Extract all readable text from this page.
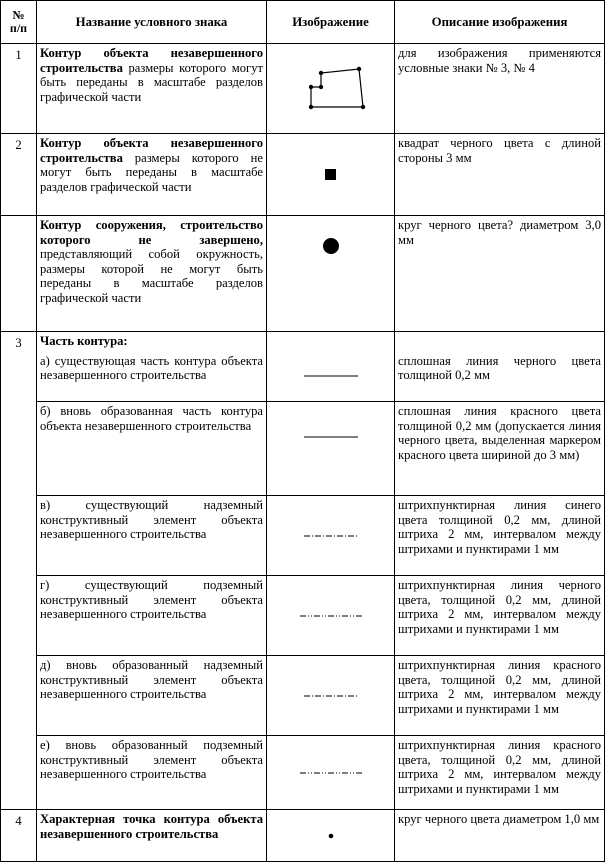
№
п/п	Название условного знака	Изображение	Описание изображения
1	Контур объекта незавершенного строительства размеры которого могут быть переданы в масштабе разделов графической части		для изображения применяются условные знаки № 3, № 4
2	Контур объекта незавершенного строительства размеры которого не могут быть переданы в масштабе разделов графической части		квадрат черного цвета с длиной стороны 3 мм
	Контур сооружения, строительство которого не завершено, представляющий собой окружность, размеры которой не могут быть переданы в масштабе разделов графической части		круг черного цвета? диаметром 3,0 мм
3	Часть контура:		
	а) существующая часть контура объекта незавершенного строительства		сплошная линия черного цвета толщиной 0,2 мм
	б) вновь образованная часть контура объекта незавершенного строительства		сплошная линия красного цвета толщиной 0,2 мм (допускается линия черного цвета, выделенная маркером красного цвета шириной до 3 мм)
	в) существующий надземный конструктивный элемент объекта незавершенного строительства		штрихпунктирная линия синего цвета толщиной 0,2 мм, длиной штриха 2 мм, интервалом между штрихами и пунктирами 1 мм
	г) существующий подземный конструктивный элемент объекта незавершенного строительства		штрихпунктирная линия черного цвета, толщиной 0,2 мм, длиной штриха 2 мм, интервалом между штрихами и пунктирами 1 мм
	д) вновь образованный надземный конструктивный элемент объекта незавершенного строительства		штрихпунктирная линия красного цвета, толщиной 0,2 мм, длиной штриха 2 мм, интервалом между штрихами и пунктирами 1 мм
	е) вновь образованный подземный конструктивный элемент объекта незавершенного строительства		штрихпунктирная линия красного цвета, толщиной 0,2 мм, длиной штриха 2 мм, интервалом между штрихами и пунктирами 1 мм
4	Характерная точка контура объекта незавершенного строительства		круг черного цвета диаметром 1,0 мм
